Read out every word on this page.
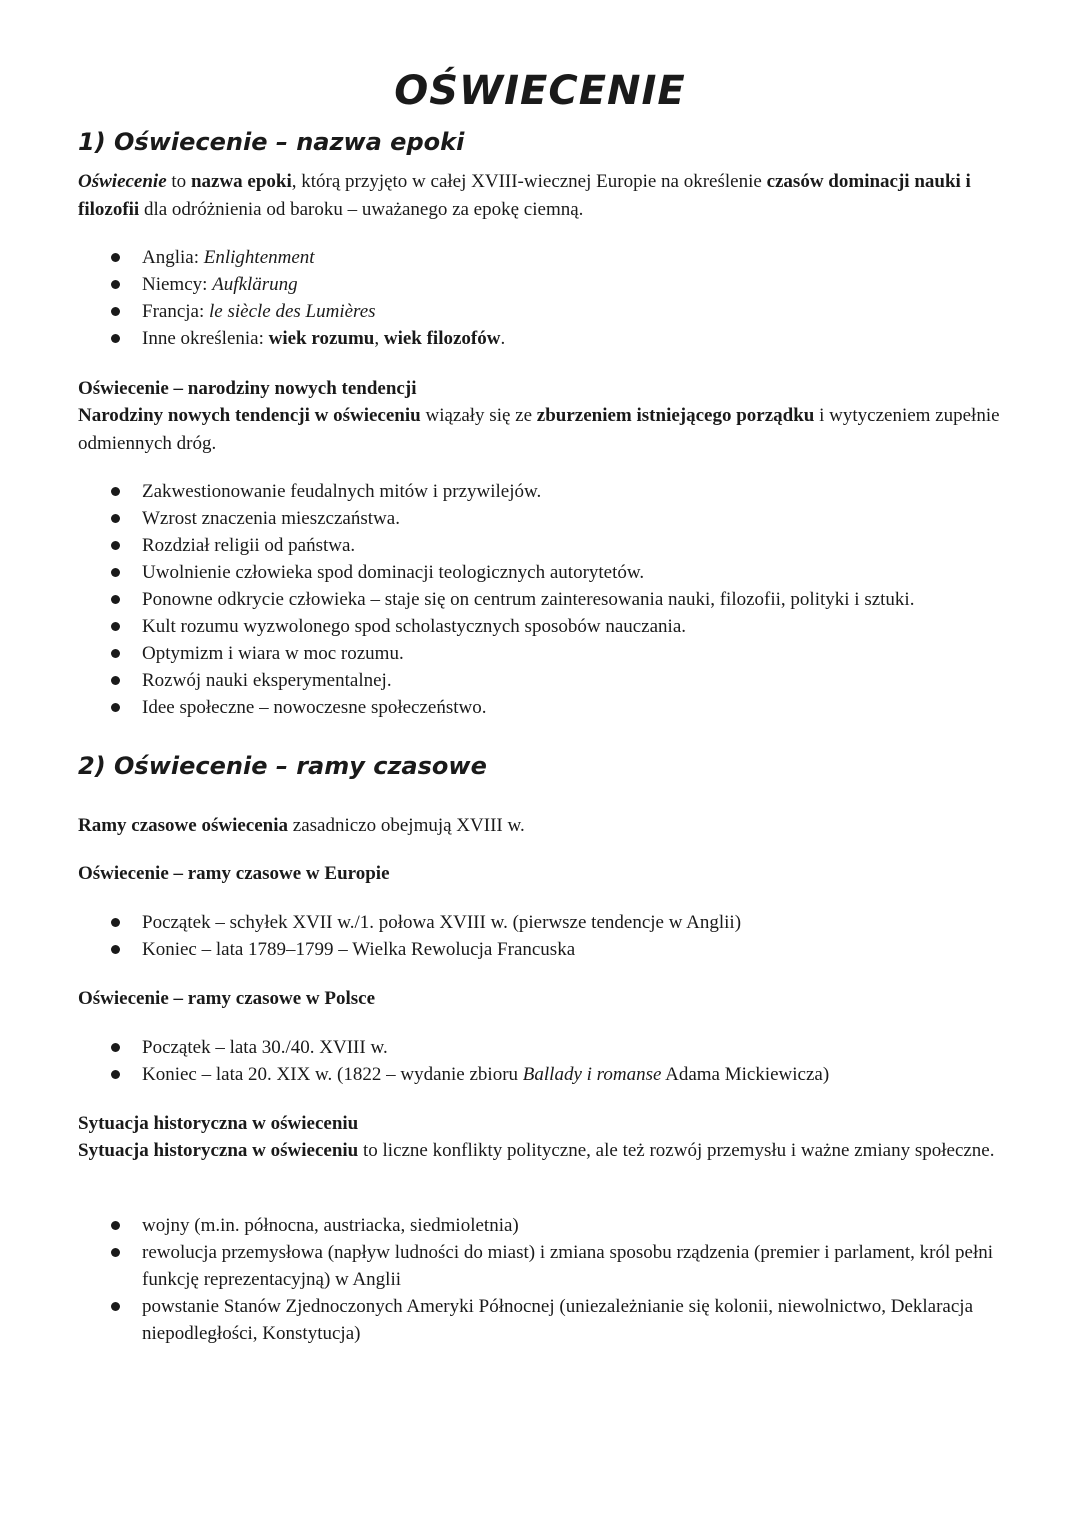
OŚWIECENIE
1) Oświecenie – nazwa epoki

Oświecenie to nazwa epoki, którą przyjęto w całej XVIII-wiecznej Europie na określenie czasów dominacji nauki i filozofii dla odróżnienia od baroku – uważanego za epokę ciemną.

Anglia: Enlightenment
Niemcy: Aufklärung
Francja: le siècle des Lumières
Inne określenia: wiek rozumu, wiek filozofów.

Oświecenie – narodziny nowych tendencji

Narodziny nowych tendencji w oświeceniu wiązały się ze zburzeniem istniejącego porządku i wytyczeniem zupełnie odmiennych dróg.

Zakwestionowanie feudalnych mitów i przywilejów.
Wzrost znaczenia mieszczaństwa.
Rozdział religii od państwa.
Uwolnienie człowieka spod dominacji teologicznych autorytetów.
Ponowne odkrycie człowieka – staje się on centrum zainteresowania nauki, filozofii, polityki i sztuki.
Kult rozumu wyzwolonego spod scholastycznych sposobów nauczania.
Optymizm i wiara w moc rozumu.
Rozwój nauki eksperymentalnej.
Idee społeczne – nowoczesne społeczeństwo.
2) Oświecenie – ramy czasowe

Ramy czasowe oświecenia zasadniczo obejmują XVIII w.

Oświecenie – ramy czasowe w Europie

Początek – schyłek XVII w./1. połowa XVIII w. (pierwsze tendencje w Anglii)
Koniec – lata 1789–1799 – Wielka Rewolucja Francuska

Oświecenie – ramy czasowe w Polsce

Początek – lata 30./40. XVIII w.
Koniec – lata 20. XIX w. (1822 – wydanie zbioru Ballady i romanse Adama Mickiewicza)

Sytuacja historyczna w oświeceniu

Sytuacja historyczna w oświeceniu to liczne konflikty polityczne, ale też rozwój przemysłu i ważne zmiany społeczne.

wojny (m.in. północna, austriacka, siedmioletnia)
rewolucja przemysłowa (napływ ludności do miast) i zmiana sposobu rządzenia (premier i parlament, król pełni funkcję reprezentacyjną) w Anglii
powstanie Stanów Zjednoczonych Ameryki Północnej (uniezależnianie się kolonii, niewolnictwo, Deklaracja niepodległości, Konstytucja)
